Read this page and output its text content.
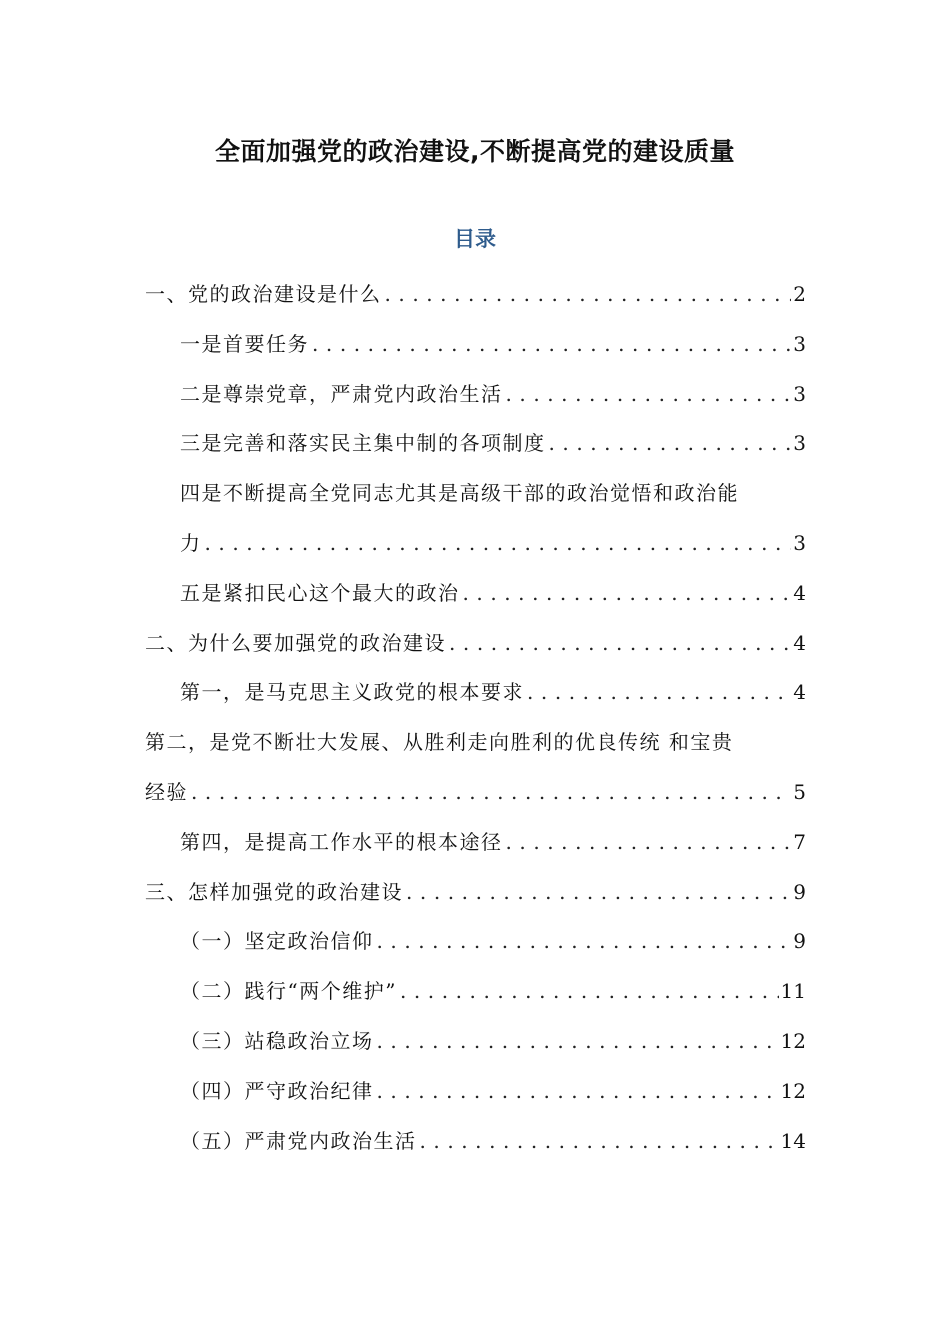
全面加强党的政治建设,不断提高党的建设质量
目录
一、党的政治建设是什么 . . .	2
一是首要任务 . . .	3
二是尊崇党章，严肃党内政治生活 . . .	3
三是完善和落实民主集中制的各项制度 . . .	3
四是不断提高全党同志尤其是高级干部的政治觉悟和政治能
力 . . .	3
五是紧扣民心这个最大的政治 . . .	4
二、为什么要加强党的政治建设 . . .	4
第一，是马克思主义政党的根本要求 . . .	4
第二，是党不断壮大发展、从胜利走向胜利的优良传统 和宝贵
经验 . . .	5
第四，是提高工作水平的根本途径 . . .	7
三、怎样加强党的政治建设 . . .	9
（一）坚定政治信仰 . . .	9
（二）践行“两个维护” . . .	11
（三）站稳政治立场 . . .	12
（四）严守政治纪律 . . .	12
（五）严肃党内政治生活 . . .	14
